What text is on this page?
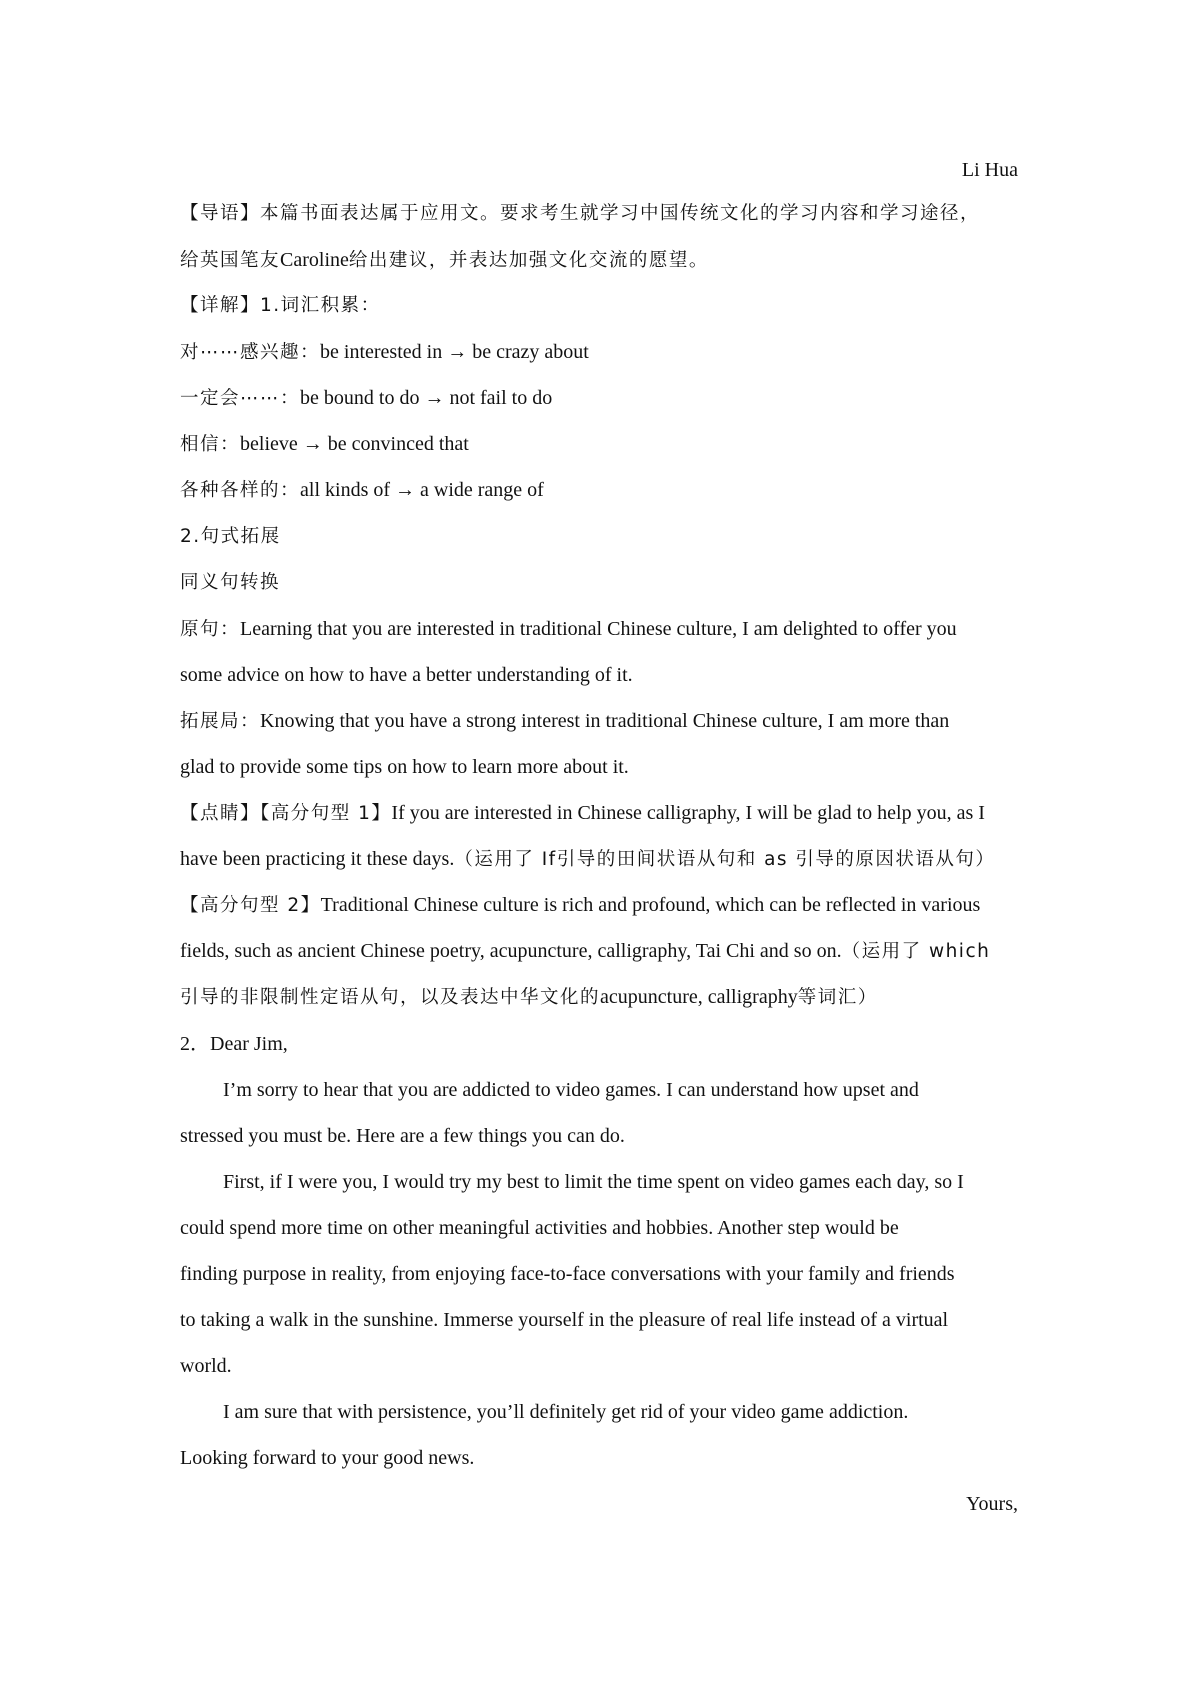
Li Hua
【导语】本篇书面表达属于应用文。要求考生就学习中国传统文化的学习内容和学习途径，
给英国笔友Caroline给出建议，并表达加强文化交流的愿望。
【详解】1.词汇积累：
对⋯⋯感兴趣：be interested in → be crazy about
一定会⋯⋯：be bound to do → not fail to do
相信：believe → be convinced that
各种各样的：all kinds of → a wide range of
2.句式拓展
同义句转换
原句：Learning that you are interested in traditional Chinese culture, I am delighted to offer you
some advice on how to have a better understanding of it.
拓展局：Knowing that you have a strong interest in traditional Chinese culture, I am more than
glad to provide some tips on how to learn more about it.
【点睛】【高分句型 1】If you are interested in Chinese calligraphy, I will be glad to help you, as I
have been practicing it these days.（运用了 If引导的田间状语从句和 as 引导的原因状语从句）
【高分句型 2】Traditional Chinese culture is rich and profound, which can be reflected in various
fields, such as ancient Chinese poetry, acupuncture, calligraphy, Tai Chi and so on.（运用了 which
引导的非限制性定语从句，以及表达中华文化的acupuncture, calligraphy等词汇）
2．Dear Jim,
I’m sorry to hear that you are addicted to video games. I can understand how upset and
stressed you must be. Here are a few things you can do.
First, if I were you, I would try my best to limit the time spent on video games each day, so I
could spend more time on other meaningful activities and hobbies. Another step would be
finding purpose in reality, from enjoying face-to-face conversations with your family and friends
to taking a walk in the sunshine. Immerse yourself in the pleasure of real life instead of a virtual
world.
I am sure that with persistence, you’ll definitely get rid of your video game addiction.
Looking forward to your good news.
Yours,
